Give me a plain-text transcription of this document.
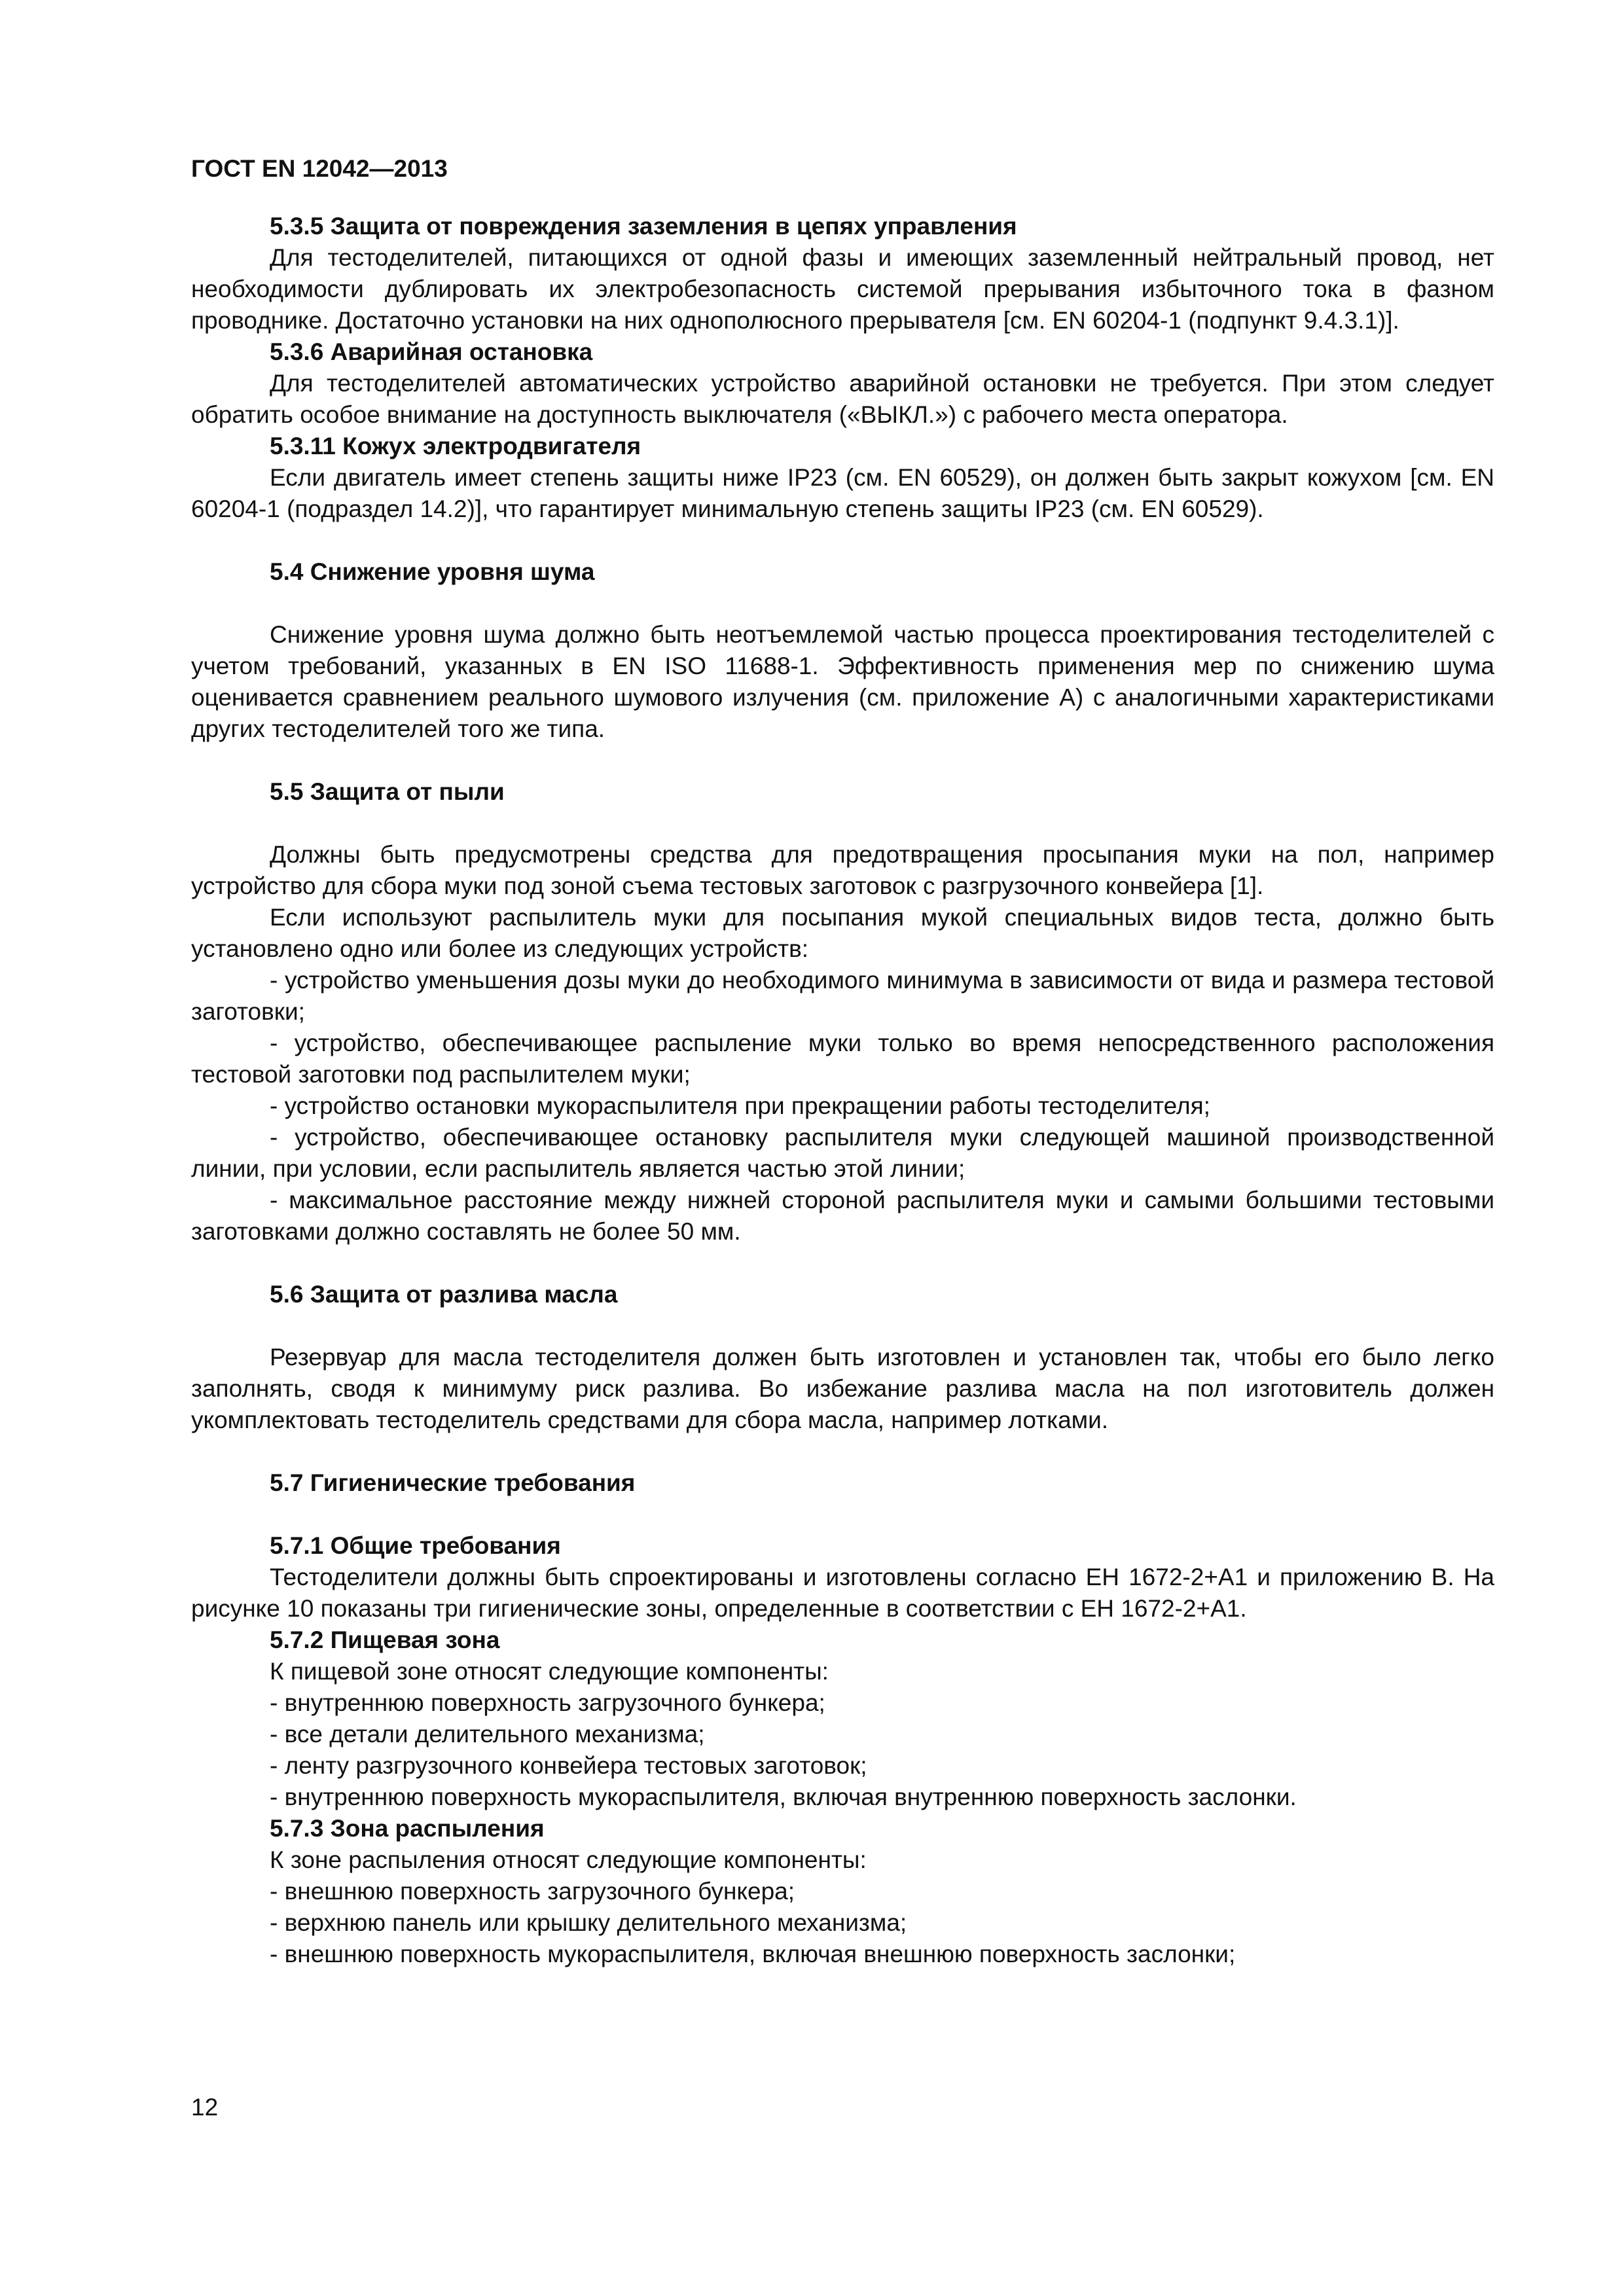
ГОСТ EN 12042—2013

5.3.5 Защита от повреждения заземления в цепях управления

Для тестоделителей, питающихся от одной фазы и имеющих заземленный нейтральный провод, нет необходимости дублировать их электробезопасность системой прерывания избыточного тока в фазном проводнике. Достаточно установки на них однополюсного прерывателя [см. EN 60204-1 (подпункт 9.4.3.1)].

5.3.6 Аварийная остановка

Для тестоделителей автоматических устройство аварийной остановки не требуется. При этом следует обратить особое внимание на доступность выключателя («ВЫКЛ.») с рабочего места оператора.

5.3.11 Кожух электродвигателя

Если двигатель имеет степень защиты ниже IP23 (см. EN 60529), он должен быть закрыт кожухом [см. EN 60204-1 (подраздел 14.2)], что гарантирует минимальную степень защиты IP23 (см. EN 60529).

5.4 Снижение уровня шума

Снижение уровня шума должно быть неотъемлемой частью процесса проектирования тестоделителей с учетом требований, указанных в EN ISO 11688-1. Эффективность применения мер по снижению шума оценивается сравнением реального шумового излучения (см. приложение А) с аналогичными характеристиками других тестоделителей того же типа.

5.5 Защита от пыли

Должны быть предусмотрены средства для предотвращения просыпания муки на пол, например устройство для сбора муки под зоной съема тестовых заготовок с разгрузочного конвейера [1].

Если используют распылитель муки для посыпания мукой специальных видов теста, должно быть установлено одно или более из следующих устройств:

- устройство уменьшения дозы муки до необходимого минимума в зависимости от вида и размера тестовой заготовки;

- устройство, обеспечивающее распыление муки только во время непосредственного расположения тестовой заготовки под распылителем муки;

- устройство остановки мукораспылителя при прекращении работы тестоделителя;

- устройство, обеспечивающее остановку распылителя муки следующей машиной производственной линии, при условии, если распылитель является частью этой линии;

- максимальное расстояние между нижней стороной распылителя муки и самыми большими тестовыми заготовками должно составлять не более 50 мм.

5.6 Защита от разлива масла

Резервуар для масла тестоделителя должен быть изготовлен и установлен так, чтобы его было легко заполнять, сводя к минимуму риск разлива. Во избежание разлива масла на пол изготовитель должен укомплектовать тестоделитель средствами для сбора масла, например лотками.

5.7 Гигиенические требования

5.7.1 Общие требования

Тестоделители должны быть спроектированы и изготовлены согласно ЕН 1672-2+А1 и приложению В. На рисунке 10 показаны три гигиенические зоны, определенные в соответствии с ЕН 1672-2+А1.

5.7.2 Пищевая зона

К пищевой зоне относят следующие компоненты:

- внутреннюю поверхность загрузочного бункера;

- все детали делительного механизма;

- ленту разгрузочного конвейера тестовых заготовок;

- внутреннюю поверхность мукораспылителя, включая внутреннюю поверхность заслонки.

5.7.3 Зона распыления

К зоне распыления относят следующие компоненты:

- внешнюю поверхность загрузочного бункера;

- верхнюю панель или крышку делительного механизма;

- внешнюю поверхность мукораспылителя, включая внешнюю поверхность заслонки;

12
